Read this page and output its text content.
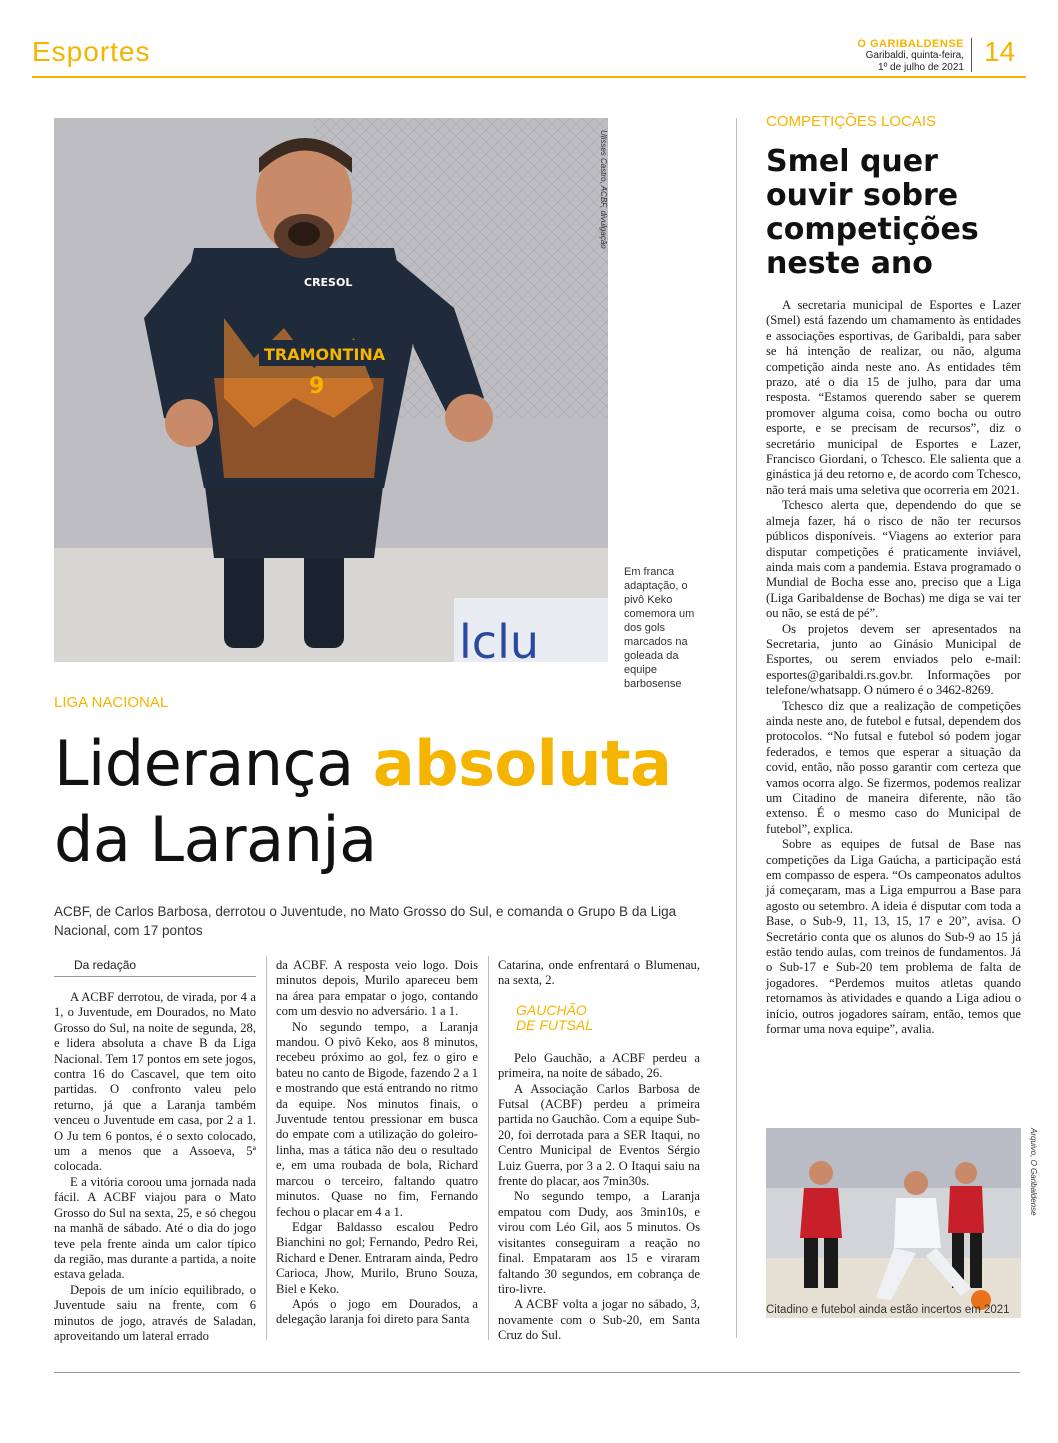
Esportes	O GARIBALDENSE
Garibaldi, quinta-feira,
1º de julho de 2021
14
lclu
TRAMONTINA
CRESOL
9
Ulisses Castro, ACBF, divulgação
Em franca adaptação, o pivô Keko comemora um dos gols marcados na goleada da equipe barbosense
LIGA NACIONAL
Liderança absoluta
da Laranja
ACBF, de Carlos Barbosa, derrotou o Juventude, no Mato Grosso do Sul, e comanda o Grupo B da Liga Nacional, com 17 pontos
Da redação

A ACBF derrotou, de virada, por 4 a 1, o Juventude, em Dourados, no Mato Grosso do Sul, na noite de segunda, 28, e lidera absoluta a chave B da Liga Nacional. Tem 17 pontos em sete jogos, contra 16 do Cascavel, que tem oito partidas. O confronto valeu pelo returno, já que a Laranja também venceu o Juventude em casa, por 2 a 1. O Ju tem 6 pontos, é o sexto colocado, um a menos que a Assoeva, 5ª colocada.

E a vitória coroou uma jornada nada fácil. A ACBF viajou para o Mato Grosso do Sul na sexta, 25, e só chegou na manhã de sábado. Até o dia do jogo teve pela frente ainda um calor típico da região, mas durante a partida, a noite estava gelada.

Depois de um início equilibrado, o Juventude saiu na frente, com 6 minutos de jogo, através de Saladan, aproveitando um lateral errado

da ACBF. A resposta veio logo. Dois minutos depois, Murilo apareceu bem na área para empatar o jogo, contando com um desvio no adversário. 1 a 1.

No segundo tempo, a Laranja mandou. O pivô Keko, aos 8 minutos, recebeu próximo ao gol, fez o giro e bateu no canto de Bigode, fazendo 2 a 1 e mostrando que está entrando no ritmo da equipe. Nos minutos finais, o Juventude tentou pressionar em busca do empate com a utilização do goleiro-linha, mas a tática não deu o resultado e, em uma roubada de bola, Richard marcou o terceiro, faltando quatro minutos. Quase no fim, Fernando fechou o placar em 4 a 1.

Edgar Baldasso escalou Pedro Bianchini no gol; Fernando, Pedro Rei, Richard e Dener. Entraram ainda, Pedro Carioca, Jhow, Murilo, Bruno Souza, Biel e Keko.

Após o jogo em Dourados, a delegação laranja foi direto para Santa

Catarina, onde enfrentará o Blumenau, na sexta, 2.

GAUCHÃO
DE FUTSAL

Pelo Gauchão, a ACBF perdeu a primeira, na noite de sábado, 26.

A Associação Carlos Barbosa de Futsal (ACBF) perdeu a primeira partida no Gauchão. Com a equipe Sub-20, foi derrotada para a SER Itaqui, no Centro Municipal de Eventos Sérgio Luiz Guerra, por 3 a 2. O Itaqui saiu na frente do placar, aos 7min30s.

No segundo tempo, a Laranja empatou com Dudy, aos 3min10s, e virou com Léo Gil, aos 5 minutos. Os visitantes conseguiram a reação no final. Empataram aos 15 e viraram faltando 30 segundos, em cobrança de tiro-livre.

A ACBF volta a jogar no sábado, 3, novamente com o Sub-20, em Santa Cruz do Sul.

COMPETIÇÕES LOCAIS
Smel quer ouvir sobre competições neste ano

A secretaria municipal de Esportes e Lazer (Smel) está fazendo um chamamento às entidades e associações esportivas, de Garibaldi, para saber se há intenção de realizar, ou não, alguma competição ainda neste ano. As entidades têm prazo, até o dia 15 de julho, para dar uma resposta. “Estamos querendo saber se querem promover alguma coisa, como bocha ou outro esporte, e se precisam de recursos”, diz o secretário municipal de Esportes e Lazer, Francisco Giordani, o Tchesco. Ele salienta que a ginástica já deu retorno e, de acordo com Tchesco, não terá mais uma seletiva que ocorreria em 2021.

Tchesco alerta que, dependendo do que se almeja fazer, há o risco de não ter recursos públicos disponíveis. “Viagens ao exterior para disputar competições é praticamente inviável, ainda mais com a pandemia. Estava programado o Mundial de Bocha esse ano, preciso que a Liga (Liga Garibaldense de Bochas) me diga se vai ter ou não, se está de pé”.

Os projetos devem ser apresentados na Secretaria, junto ao Ginásio Municipal de Esportes, ou serem enviados pelo e-mail: esportes@garibaldi.rs.gov.br. Informações por telefone/whatsapp. O número é o 3462-8269.

Tchesco diz que a realização de competições ainda neste ano, de futebol e futsal, dependem dos protocolos. “No futsal e futebol só podem jogar federados, e temos que esperar a situação da covid, então, não posso garantir com certeza que vamos ocorra algo. Se fizermos, podemos realizar um Citadino de maneira diferente, não tão extenso. É o mesmo caso do Municipal de futebol”, explica.

Sobre as equipes de futsal de Base nas competições da Liga Gaúcha, a participação está em compasso de espera. “Os campeonatos adultos já começaram, mas a Liga empurrou a Base para agosto ou setembro. A ideia é disputar com toda a Base, o Sub-9, 11, 13, 15, 17 e 20”, avisa. O Secretário conta que os alunos do Sub-9 ao 15 já estão tendo aulas, com treinos de fundamentos. Já o Sub-17 e Sub-20 tem problema de falta de jogadores. “Perdemos muitos atletas quando retornamos às atividades e quando a Liga adiou o início, outros jogadores saíram, então, temos que formar uma nova equipe”, avalia.

Arquivo, O Garibaldense
Citadino e futebol ainda estão incertos em 2021
